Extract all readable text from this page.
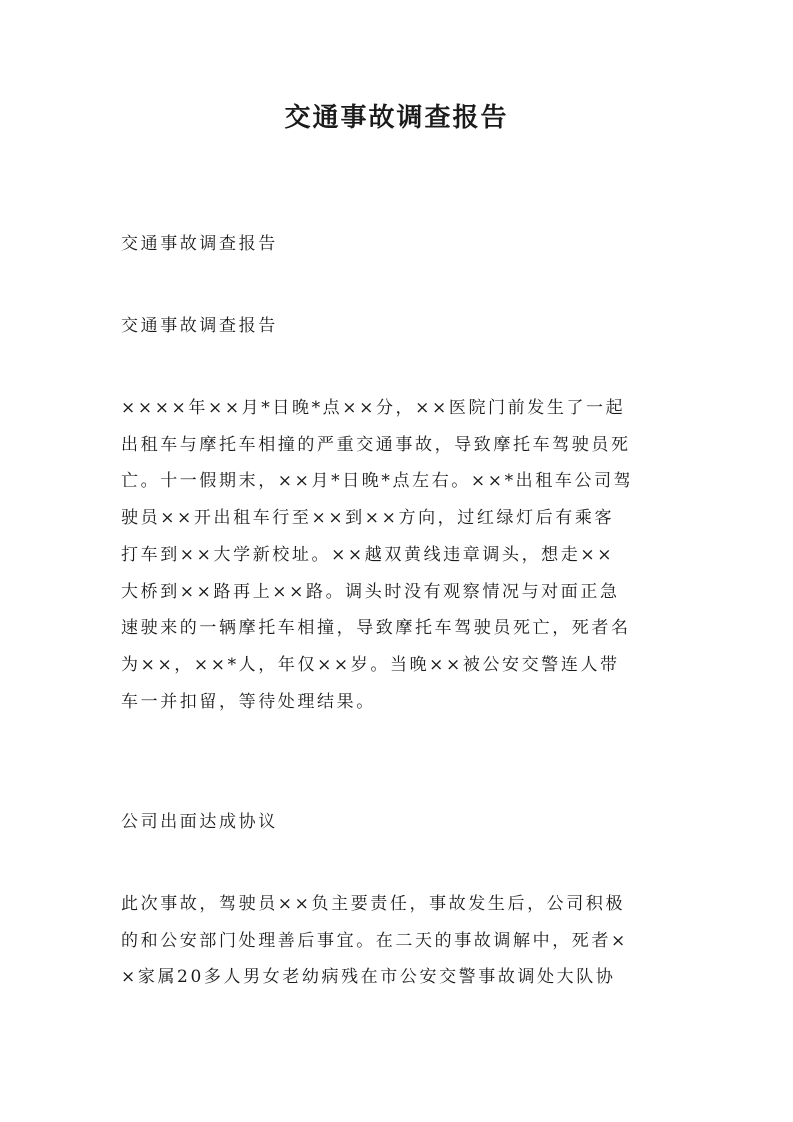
交通事故调查报告

交通事故调查报告

交通事故调查报告

××××年××月*日晚*点××分，××医院门前发生了一起
出租车与摩托车相撞的严重交通事故，导致摩托车驾驶员死
亡。十一假期末，××月*日晚*点左右。××*出租车公司驾
驶员××开出租车行至××到××方向，过红绿灯后有乘客
打车到××大学新校址。××越双黄线违章调头，想走××
大桥到××路再上××路。调头时没有观察情况与对面正急
速驶来的一辆摩托车相撞，导致摩托车驾驶员死亡，死者名
为××，××*人，年仅××岁。当晚××被公安交警连人带
车一并扣留，等待处理结果。

公司出面达成协议

此次事故，驾驶员××负主要责任，事故发生后，公司积极
的和公安部门处理善后事宜。在二天的事故调解中，死者×
×家属20多人男女老幼病残在市公安交警事故调处大队协
